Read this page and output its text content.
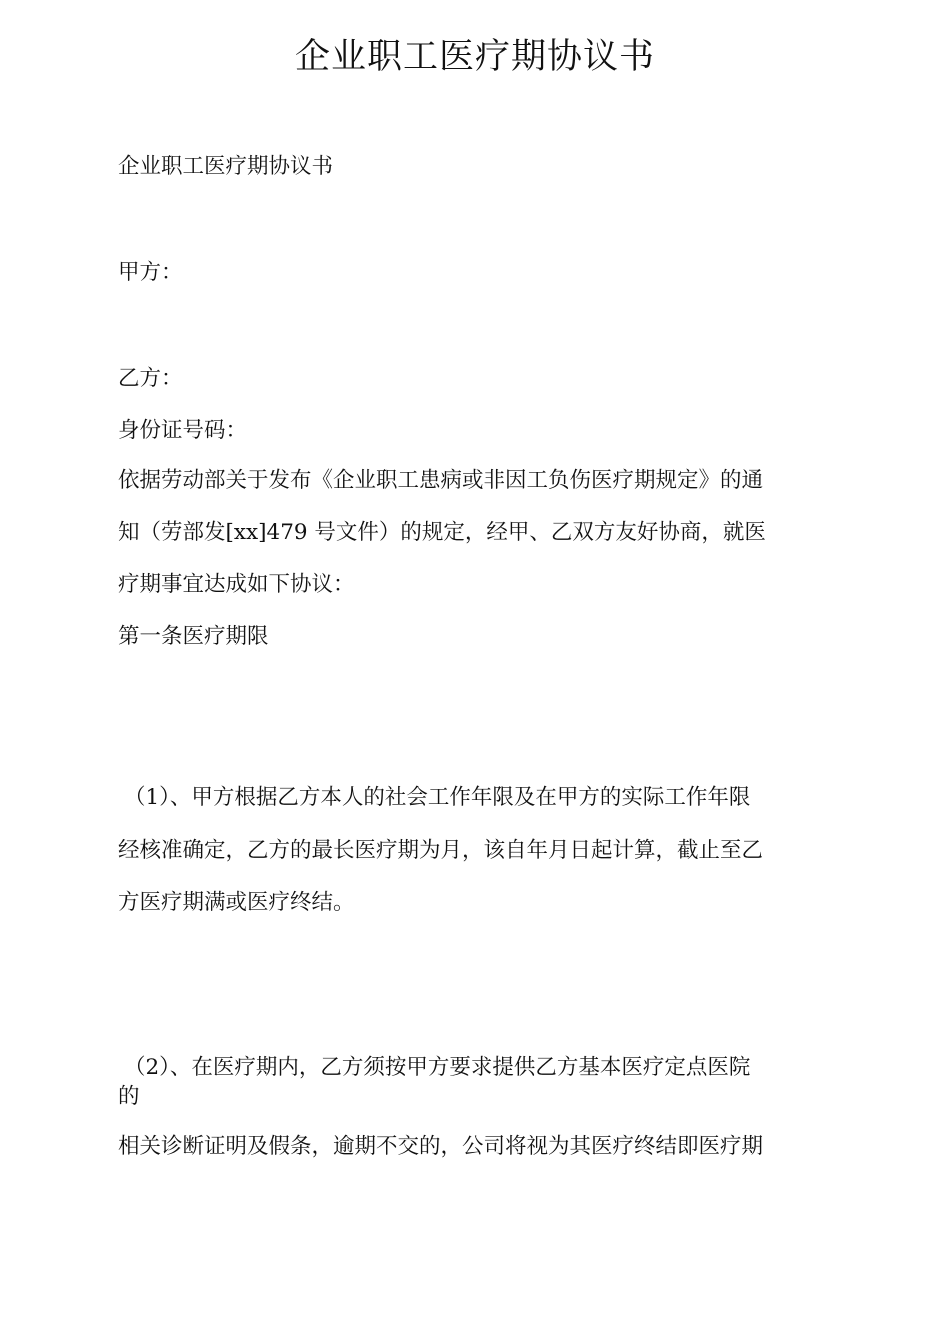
企业职工医疗期协议书
企业职工医疗期协议书
甲方：
乙方：
身份证号码：
依据劳动部关于发布《企业职工患病或非因工负伤医疗期规定》的通
知（劳部发[xx]479 号文件）的规定，经甲、乙双方友好协商，就医
疗期事宜达成如下协议：
第一条医疗期限
（1）、甲方根据乙方本人的社会工作年限及在甲方的实际工作年限
经核准确定，乙方的最长医疗期为月，该自年月日起计算，截止至乙
方医疗期满或医疗终结。
（2）、在医疗期内，乙方须按甲方要求提供乙方基本医疗定点医院
的
相关诊断证明及假条，逾期不交的，公司将视为其医疗终结即医疗期
